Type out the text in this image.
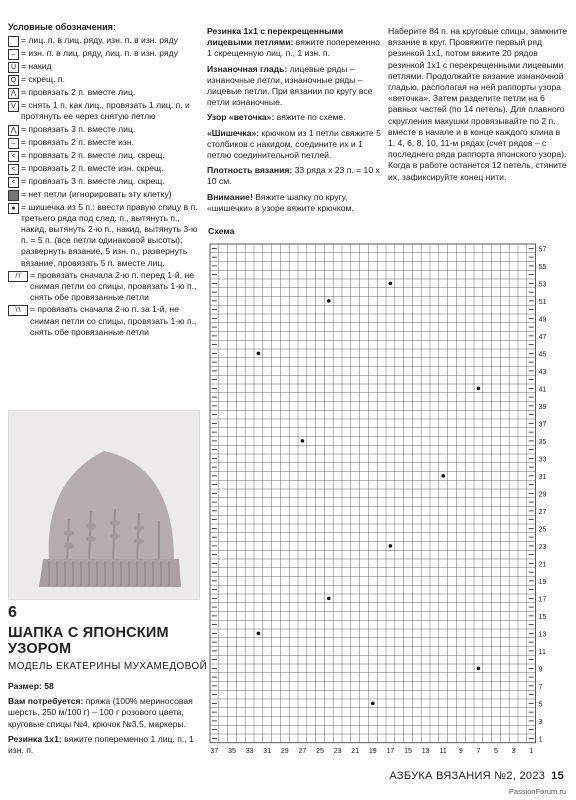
Условные обозначения:
= лиц. п. в лиц. ряду, изн. п. в изн. ряду
– = изн. п. в лиц. ряду, лиц. п. в изн. ряду
U = накид
Q = скрещ. п.
⋀ = провязать 2 п. вместе лиц.
V = снять 1 п. как лиц., провязать 1 лиц. п. и протянуть ее через снятую петлю
⋀ = провязать 3 п. вместе лиц.
– = провязать 2 п. вместе изн.
< = провязать 2 п. вместе лиц. скрещ.
< = провязать 2 п. вместе изн. скрещ.
< = провязать 3 п. вместе лиц. скрещ.
= нет петли (игнорировать эту клетку)
● = шишечка из 5 п.: ввести правую спицу в п. третьего ряда под след. п., вытянуть п., накид, вытянуть 2-ю п., накид, вытянуть 3-ю п. = 5 п. (все петли одинаковой высоты); развернуть вязание, 5 изн. п., развернуть вязание, провязать 5 п. вместе лиц.
/'/	= провязать сначала 2-ю п. перед 1-й, не снимая петли со спицы, провязать 1-ю п., снять обе провязанные петли
\'\	= провязать сначала 2-ю п. за 1-й, не снимая петли со спицы, провязать 1-ю п., снять обе провязанные петли
6
ШАПКА С ЯПОНСКИМ УЗОРОМ
МОДЕЛЬ ЕКАТЕРИНЫ МУХАМЕДОВОЙ

Размер: 58

Вам потребуется: пряжа (100% мериносовая шерсть, 250 м/100 г) – 100 г розового цвета, круговые спицы №4, крючок №3,5, маркеры.

Резинка 1х1: вяжите попеременно 1 лиц. п., 1 изн. п.

Резинка 1х1 с перекрещенными лицевыми петлями: вяжите попеременно 1 скрещенную лиц. п., 1 изн. п.

Изнаночная гладь: лицевые ряды – изнаночные петли, изнаночные ряды – лицевые петли. При вязании по кругу все петли изнаночные.

Узор «веточка»: вяжите по схеме.

«Шишечка»: крючком из 1 петли свяжите 5 столбиков с накидом, соедините их и 1 петлю соединительной петлей.

Плотность вязания: 33 ряда х 23 п. = 10 х 10 см.

Внимание! Вяжите шапку по кругу, «шишечки» в узоре вяжите крючком.

Наберите 84 п. на круговые спицы, замкните вязание в круг. Провяжите первый ряд резинкой 1х1, потом вяжите 20 рядов резинкой 1х1 с перекрещенными лицевыми петлями. Продолжайте вязание изнаночной гладью, располагая на ней раппорты узора «веточка». Затем разделите петли на 6 равных частей (по 14 петель). Для плавного скругления макушки провязывайте по 2 п. вместе в начале и в конце каждого клина в 1, 4, 6, 8, 10, 11-м рядах (счет рядов – с последнего ряда раппорта японского узора). Когда в работе останется 12 петель, стяните их, зафиксируйте конец нити.

Схема
57
55
53
51
49
47
45
43
41
39
37
35
33
31
29
27
25
23
21
19
17
15
13
11
9
7
5
3
1
37 35 33 31 29 27 25 23 21 19 17 15 13 11 9 7 5 3 1
АЗБУКА ВЯЗАНИЯ №2, 2023 15
PassionForum.ru
